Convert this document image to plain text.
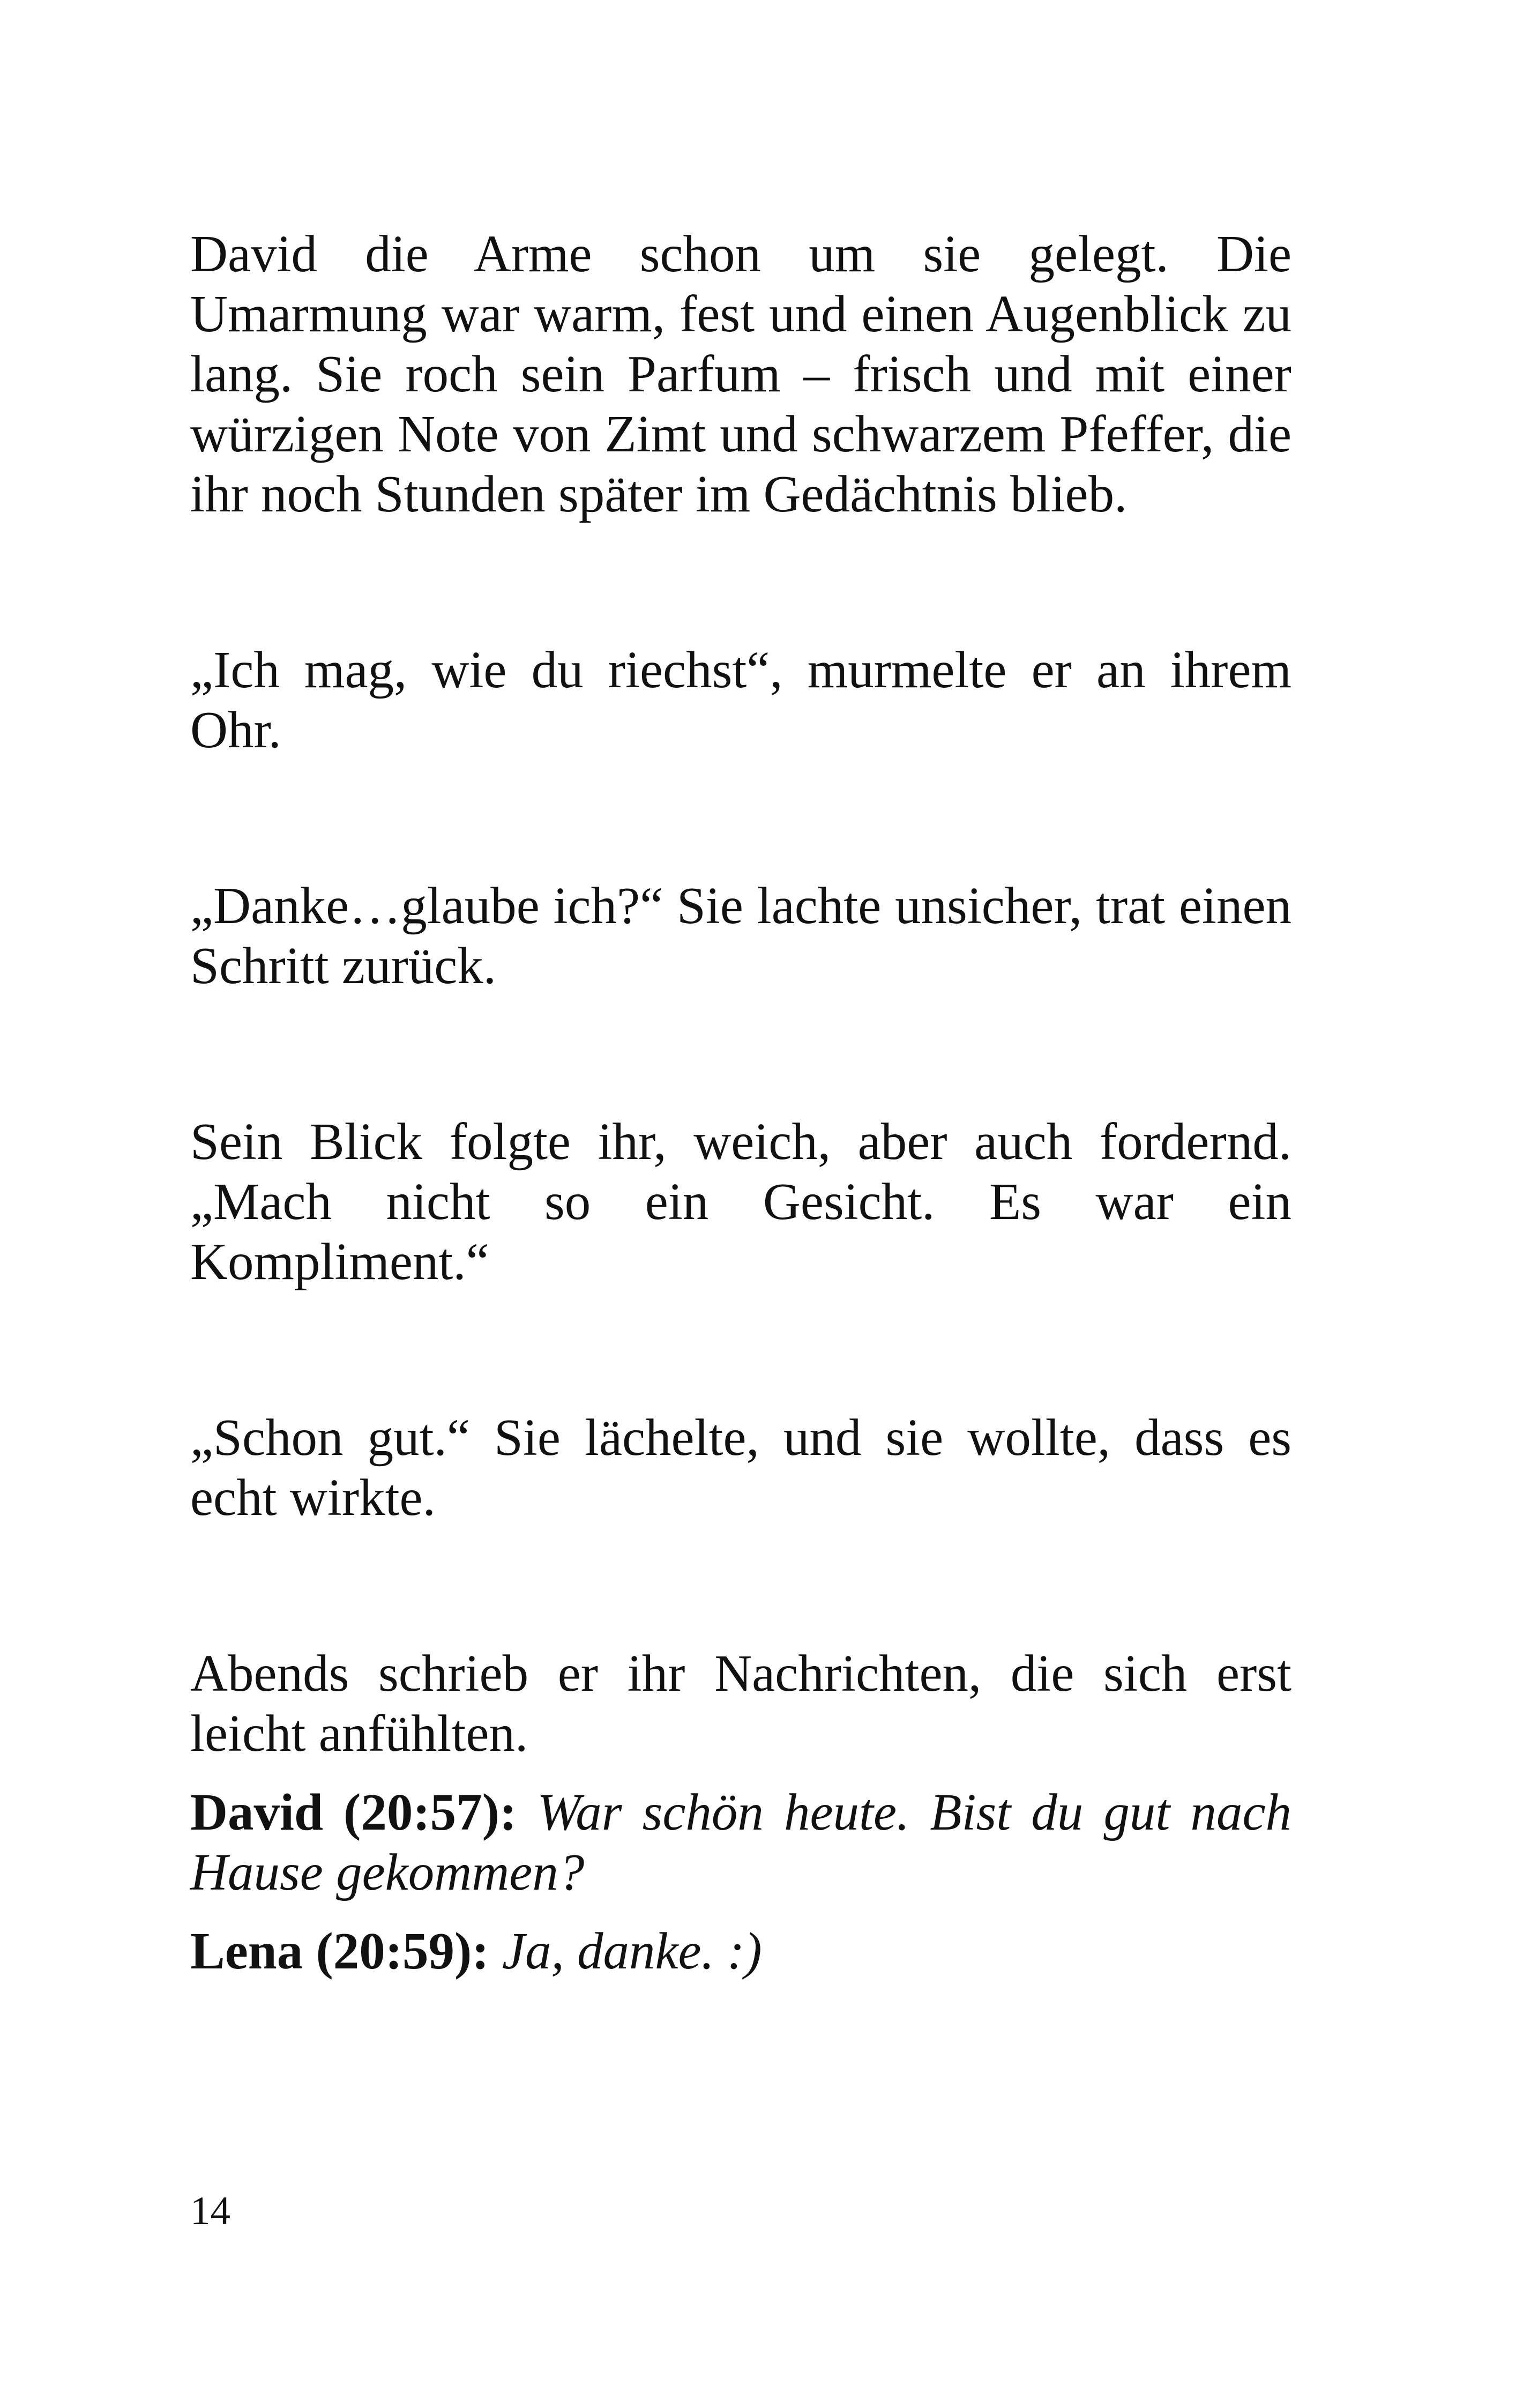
David die Arme schon um sie gelegt. Die Umarmung war warm, fest und einen Augenblick zu lang. Sie roch sein Parfum – frisch und mit einer würzigen Note von Zimt und schwarzem Pfeffer, die ihr noch Stunden später im Gedächtnis blieb.

„Ich mag, wie du riechst“, murmelte er an ihrem Ohr.

„Danke…glaube ich?“ Sie lachte unsicher, trat einen Schritt zurück.

Sein Blick folgte ihr, weich, aber auch fordernd. „Mach nicht so ein Gesicht. Es war ein Kompliment.“

„Schon gut.“ Sie lächelte, und sie wollte, dass es echt wirkte.

Abends schrieb er ihr Nachrichten, die sich erst leicht anfühlten.

David (20:57): War schön heute. Bist du gut nach Hause gekommen?

Lena (20:59): Ja, danke. :)

14
